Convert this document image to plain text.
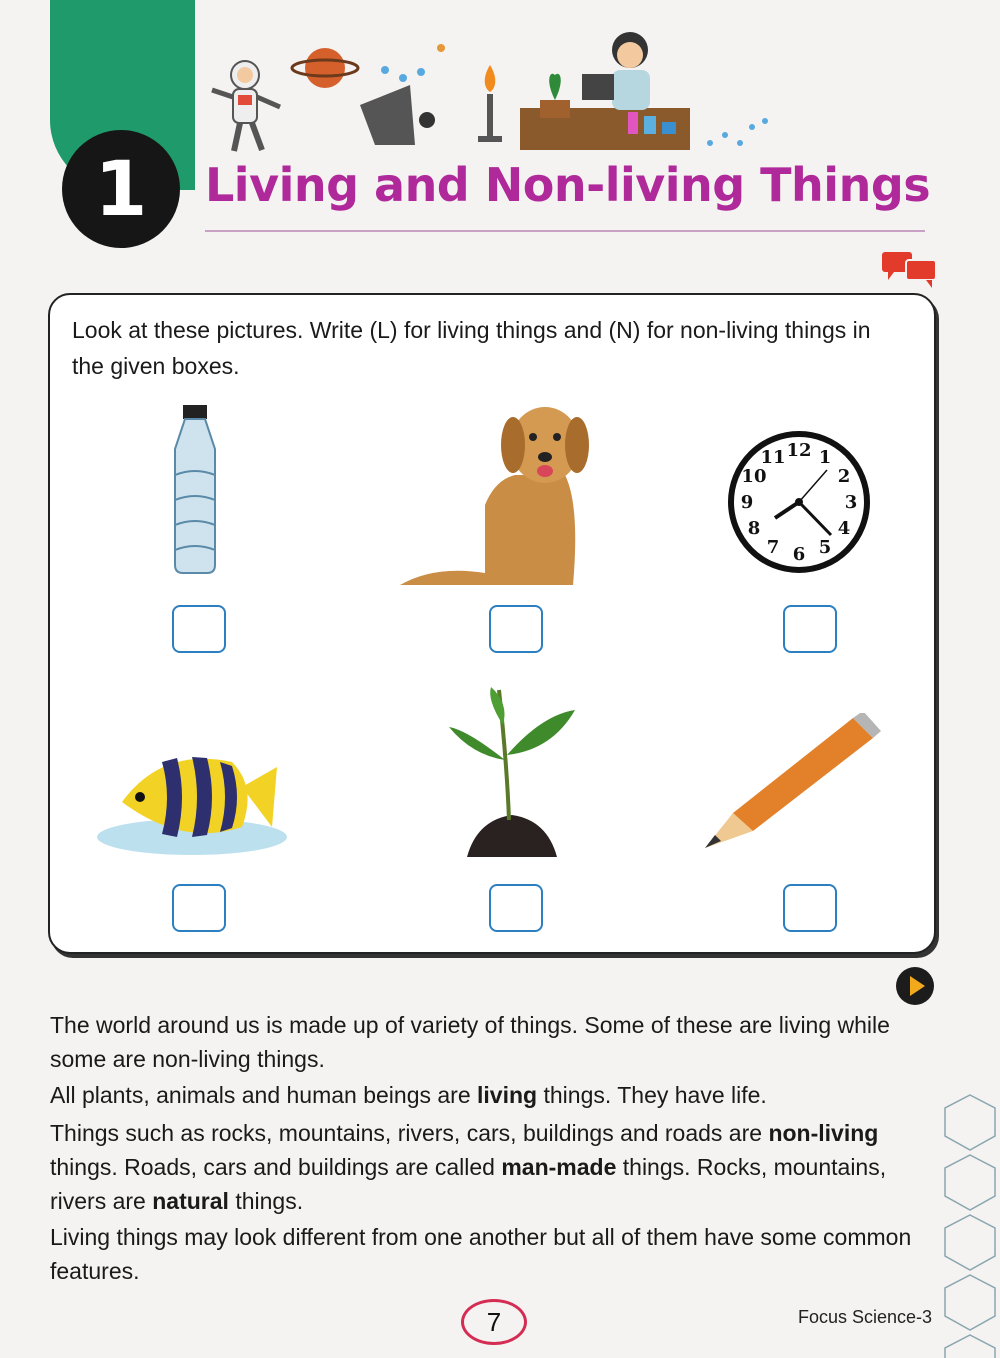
1	Living and Non-living Things
Look at these pictures. Write (L) for living things and (N) for non-living things in the given boxes.
12 1
2
3
4
5
6
7
8
9
10
11
The world around us is made up of variety of things. Some of these are living while some are non-living things.
All plants, animals and human beings are living things. They have life.
Things such as rocks, mountains, rivers, cars, buildings and roads are non-living things. Roads, cars and buildings are called man-made things. Rocks, mountains, rivers are natural things.
Living things may look different from one another but all of them have some common features.
7	Focus Science-3
